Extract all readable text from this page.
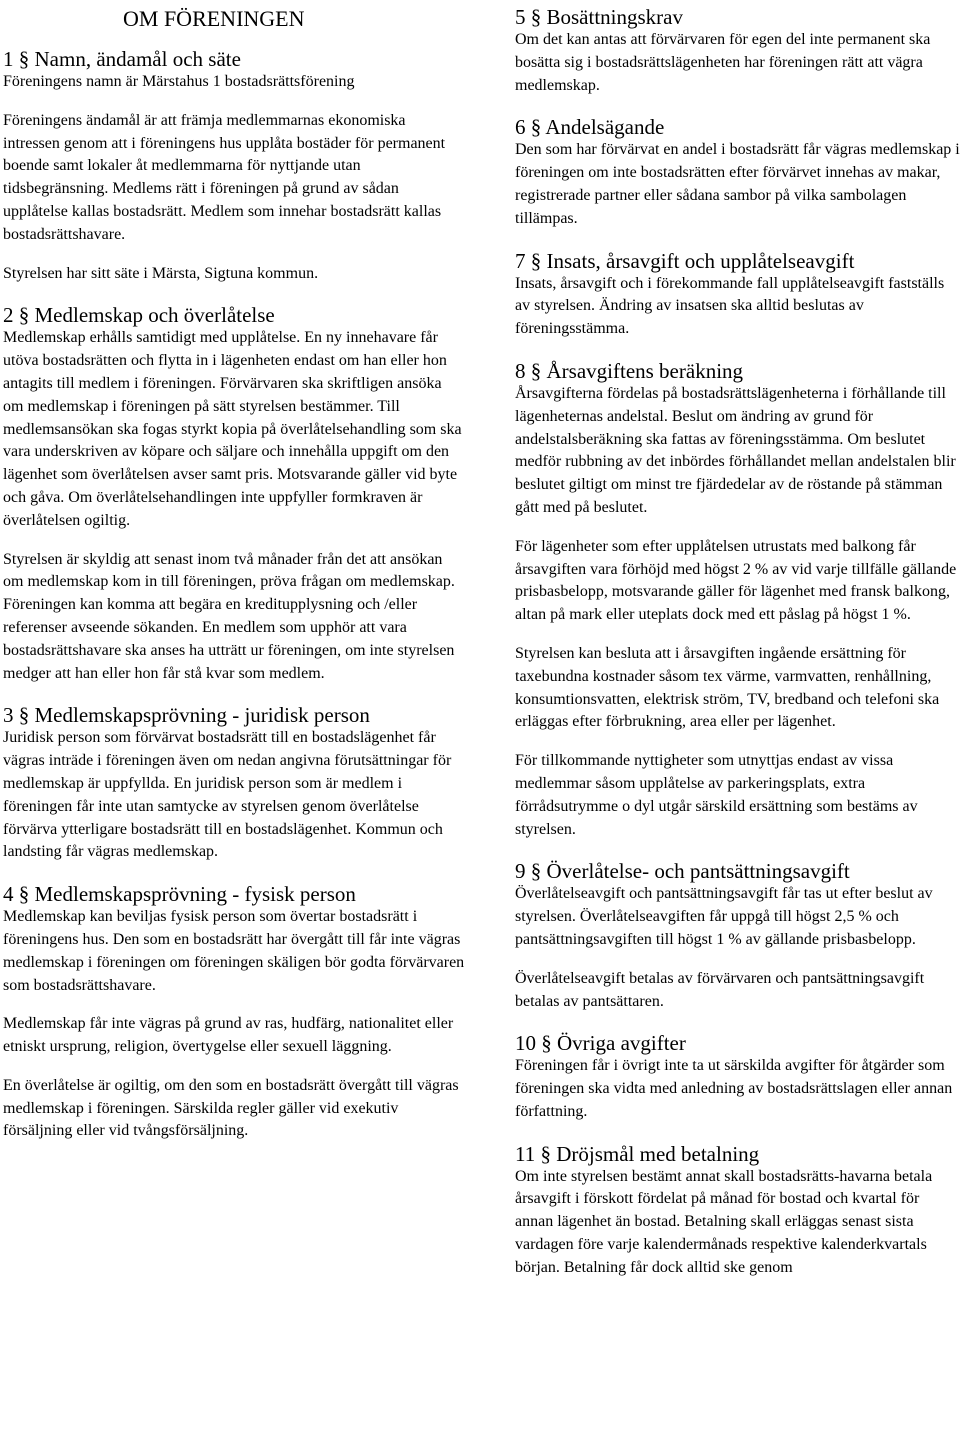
OM FÖRENINGEN
1 § Namn, ändamål och säte

Föreningens namn är Märstahus 1 bostadsrättsförening

Föreningens ändamål är att främja medlemmarnas ekonomiska intressen genom att i föreningens hus upplåta bostäder för permanent boende samt lokaler åt medlemmarna för nyttjande utan tidsbegränsning. Medlems rätt i föreningen på grund av sådan upplåtelse kallas bostadsrätt. Medlem som innehar bostadsrätt kallas bostadsrättshavare.

Styrelsen har sitt säte i Märsta, Sigtuna kommun.

2 § Medlemskap och överlåtelse

Medlemskap erhålls samtidigt med upplåtelse. En ny innehavare får utöva bostadsrätten och flytta in i lägenheten endast om han eller hon antagits till medlem i föreningen. Förvärvaren ska skriftligen ansöka om medlemskap i föreningen på sätt styrelsen bestämmer. Till medlemsansökan ska fogas styrkt kopia på överlåtelsehandling som ska vara underskriven av köpare och säljare och innehålla uppgift om den lägenhet som överlåtelsen avser samt pris. Motsvarande gäller vid byte och gåva. Om överlåtelsehandlingen inte uppfyller formkraven är överlåtelsen ogiltig.

Styrelsen är skyldig att senast inom två månader från det att ansökan om medlemskap kom in till föreningen, pröva frågan om medlemskap. Föreningen kan komma att begära en kreditupplysning och /eller referenser avseende sökanden. En medlem som upphör att vara bostadsrättshavare ska anses ha utträtt ur föreningen, om inte styrelsen medger att han eller hon får stå kvar som medlem.

3 § Medlemskapsprövning - juridisk person

Juridisk person som förvärvat bostadsrätt till en bostadslägenhet får vägras inträde i föreningen även om nedan angivna förutsättningar för medlemskap är uppfyllda. En juridisk person som är medlem i föreningen får inte utan samtycke av styrelsen genom överlåtelse förvärva ytterligare bostadsrätt till en bostadslägenhet. Kommun och landsting får vägras medlemskap.

4 § Medlemskapsprövning - fysisk person

Medlemskap kan beviljas fysisk person som övertar bostadsrätt i föreningens hus. Den som en bostadsrätt har övergått till får inte vägras medlemskap i föreningen om föreningen skäligen bör godta förvärvaren som bostadsrättshavare.

Medlemskap får inte vägras på grund av ras, hudfärg, nationalitet eller etniskt ursprung, religion, övertygelse eller sexuell läggning.

En överlåtelse är ogiltig, om den som en bostadsrätt övergått till vägras medlemskap i föreningen. Särskilda regler gäller vid exekutiv försäljning eller vid tvångsförsäljning.

5 § Bosättningskrav

Om det kan antas att förvärvaren för egen del inte permanent ska bosätta sig i bostadsrättslägenheten har föreningen rätt att vägra medlemskap.

6 § Andelsägande

Den som har förvärvat en andel i bostadsrätt får vägras medlemskap i föreningen om inte bostadsrätten efter förvärvet innehas av makar, registrerade partner eller sådana sambor på vilka sambolagen tillämpas.

7 § Insats, årsavgift och upplåtelseavgift

Insats, årsavgift och i förekommande fall upplåtelseavgift fastställs av styrelsen. Ändring av insatsen ska alltid beslutas av föreningsstämma.

8 § Årsavgiftens beräkning

Årsavgifterna fördelas på bostadsrättslägenheterna i förhållande till lägenheternas andelstal. Beslut om ändring av grund för andelstalsberäkning ska fattas av föreningsstämma. Om beslutet medför rubbning av det inbördes förhållandet mellan andelstalen blir beslutet giltigt om minst tre fjärdedelar av de röstande på stämman gått med på beslutet.

För lägenheter som efter upplåtelsen utrustats med balkong får årsavgiften vara förhöjd med högst 2 % av vid varje tillfälle gällande prisbasbelopp, motsvarande gäller för lägenhet med fransk balkong, altan på mark eller uteplats dock med ett påslag på högst 1 %.

Styrelsen kan besluta att i årsavgiften ingående ersättning för taxebundna kostnader såsom tex värme, varmvatten, renhållning, konsumtionsvatten, elektrisk ström, TV, bredband och telefoni ska erläggas efter förbrukning, area eller per lägenhet.

För tillkommande nyttigheter som utnyttjas endast av vissa medlemmar såsom upplåtelse av parkeringsplats, extra förrådsutrymme o dyl utgår särskild ersättning som bestäms av styrelsen.

9 § Överlåtelse- och pantsättningsavgift

Överlåtelseavgift och pantsättningsavgift får tas ut efter beslut av styrelsen. Överlåtelseavgiften får uppgå till högst 2,5 % och pantsättningsavgiften till högst 1 % av gällande prisbasbelopp.

Överlåtelseavgift betalas av förvärvaren och pantsättningsavgift betalas av pantsättaren.

10 § Övriga avgifter

Föreningen får i övrigt inte ta ut särskilda avgifter för åtgärder som föreningen ska vidta med anledning av bostadsrättslagen eller annan författning.

11 § Dröjsmål med betalning

Om inte styrelsen bestämt annat skall bostadsrätts-havarna betala årsavgift i förskott fördelat på månad för bostad och kvartal för annan lägenhet än bostad. Betalning skall erläggas senast sista vardagen före varje kalendermånads respektive kalenderkvartals början. Betalning får dock alltid ske genom
